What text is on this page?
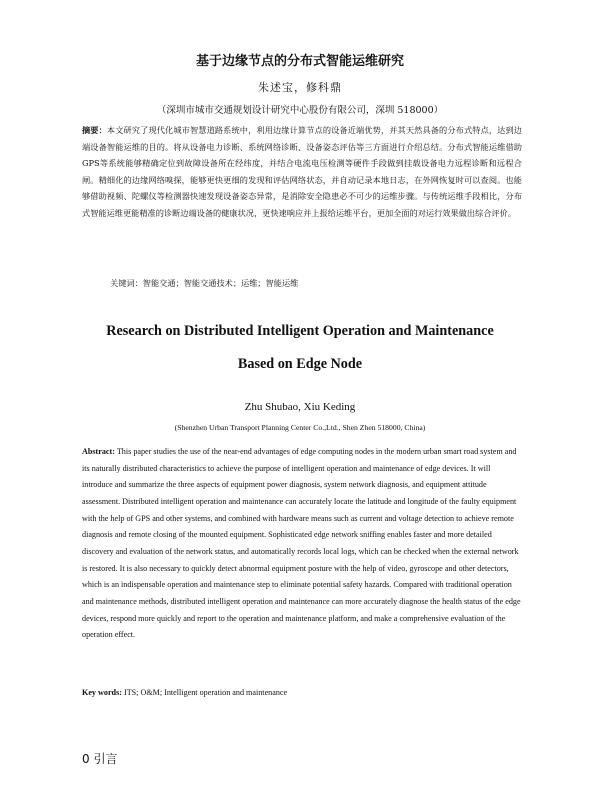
基于边缘节点的分布式智能运维研究
朱述宝，修科鼎
（深圳市城市交通规划设计研究中心股份有限公司，深圳 518000）
摘要：本文研究了现代化城市智慧道路系统中，利用边缘计算节点的设备近端优势，并其天然具备的分布式特点，达到边端设备智能运维的目的。将从设备电力诊断、系统网络诊断、设备姿态评估等三方面进行介绍总结。分布式智能运维借助GPS等系统能够精确定位到故障设备所在经纬度，并结合电流电压检测等硬件手段做到挂载设备电力远程诊断和远程合闸。精细化的边缘网络嗅探，能够更快更细的发现和评估网络状态，并自动记录本地日志，在外网恢复时可以查阅。也能够借助视频、陀螺仪等检测器快速发现设备姿态异常，是消除安全隐患必不可少的运维步骤。与传统运维手段相比，分布式智能运维更能精准的诊断边端设备的健康状况，更快速响应并上报给运维平台，更加全面的对运行效果做出综合评价。
关键词：智能交通；智能交通技术；运维；智能运维
Research on Distributed Intelligent Operation and Maintenance
Based on Edge Node
Zhu Shubao, Xiu Keding
(Shenzhen Urban Transport Planning Center Co.,Ltd., Shen Zhen 518000, China)
Abstract: This paper studies the use of the near-end advantages of edge computing nodes in the modern urban smart road system and its naturally distributed characteristics to achieve the purpose of intelligent operation and maintenance of edge devices. It will introduce and summarize the three aspects of equipment power diagnosis, system network diagnosis, and equipment attitude assessment. Distributed intelligent operation and maintenance can accurately locate the latitude and longitude of the faulty equipment with the help of GPS and other systems, and combined with hardware means such as current and voltage detection to achieve remote diagnosis and remote closing of the mounted equipment. Sophisticated edge network sniffing enables faster and more detailed discovery and evaluation of the network status, and automatically records local logs, which can be checked when the external network is restored. It is also necessary to quickly detect abnormal equipment posture with the help of video, gyroscope and other detectors, which is an indispensable operation and maintenance step to eliminate potential safety hazards. Compared with traditional operation and maintenance methods, distributed intelligent operation and maintenance can more accurately diagnose the health status of the edge devices, respond more quickly and report to the operation and maintenance platform, and make a comprehensive evaluation of the operation effect.
Key words: ITS; O&M; Intelligent operation and maintenance
0 引言
